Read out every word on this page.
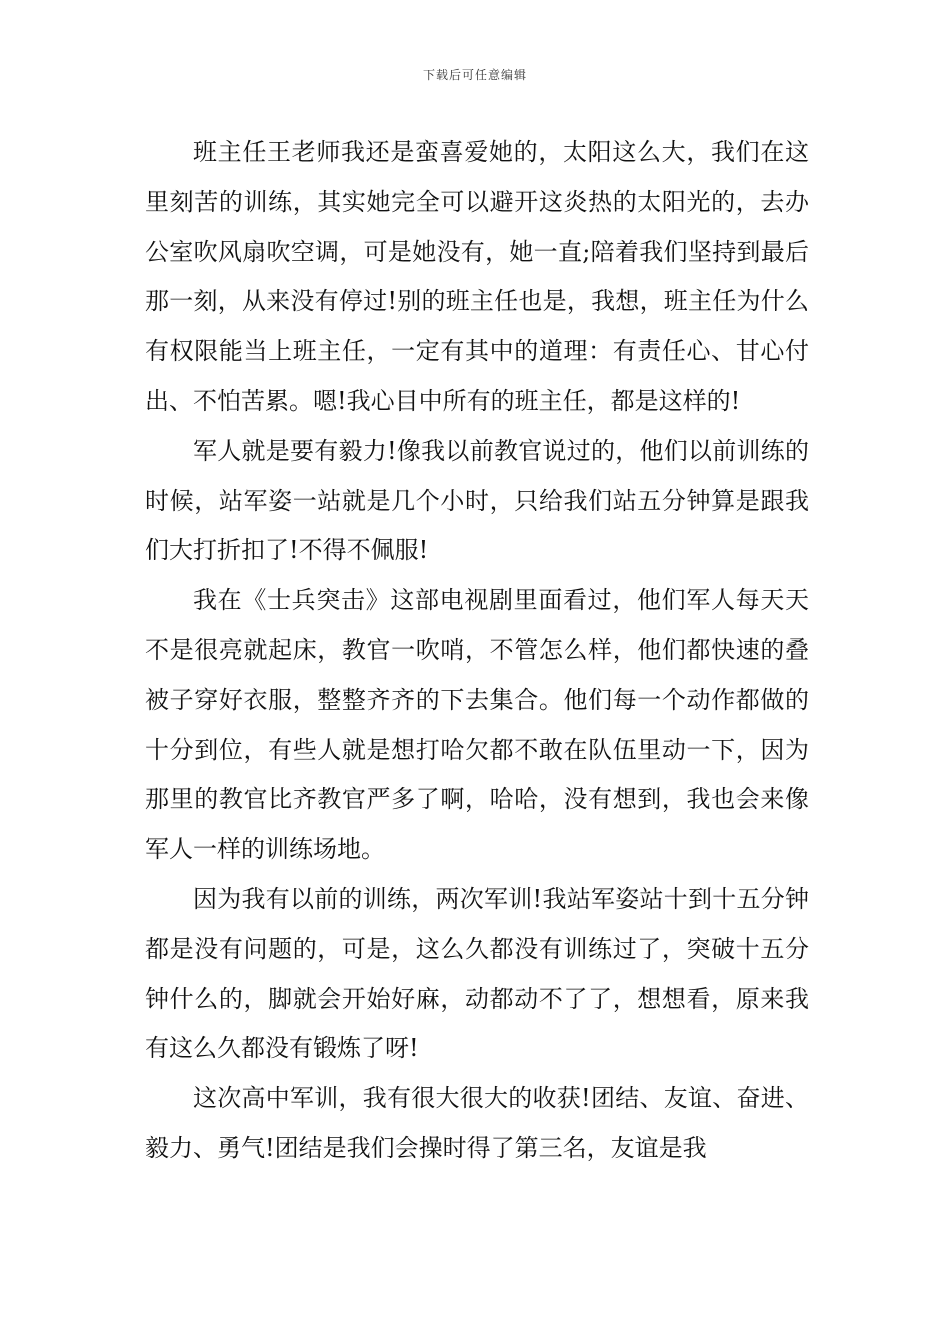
下载后可任意编辑

班主任王老师我还是蛮喜爱她的，太阳这么大，我们在这里刻苦的训练，其实她完全可以避开这炎热的太阳光的，去办公室吹风扇吹空调，可是她没有，她一直;陪着我们坚持到最后那一刻，从来没有停过!别的班主任也是，我想，班主任为什么有权限能当上班主任，一定有其中的道理：有责任心、甘心付出、不怕苦累。嗯!我心目中所有的班主任，都是这样的!

军人就是要有毅力!像我以前教官说过的，他们以前训练的时候，站军姿一站就是几个小时，只给我们站五分钟算是跟我们大打折扣了!不得不佩服!

我在《士兵突击》这部电视剧里面看过，他们军人每天天不是很亮就起床，教官一吹哨，不管怎么样，他们都快速的叠被子穿好衣服，整整齐齐的下去集合。他们每一个动作都做的十分到位，有些人就是想打哈欠都不敢在队伍里动一下，因为那里的教官比齐教官严多了啊，哈哈，没有想到，我也会来像军人一样的训练场地。

因为我有以前的训练，两次军训!我站军姿站十到十五分钟都是没有问题的，可是，这么久都没有训练过了，突破十五分钟什么的，脚就会开始好麻，动都动不了了，想想看，原来我有这么久都没有锻炼了呀!

这次高中军训，我有很大很大的收获!团结、友谊、奋进、毅力、勇气!团结是我们会操时得了第三名，友谊是我
